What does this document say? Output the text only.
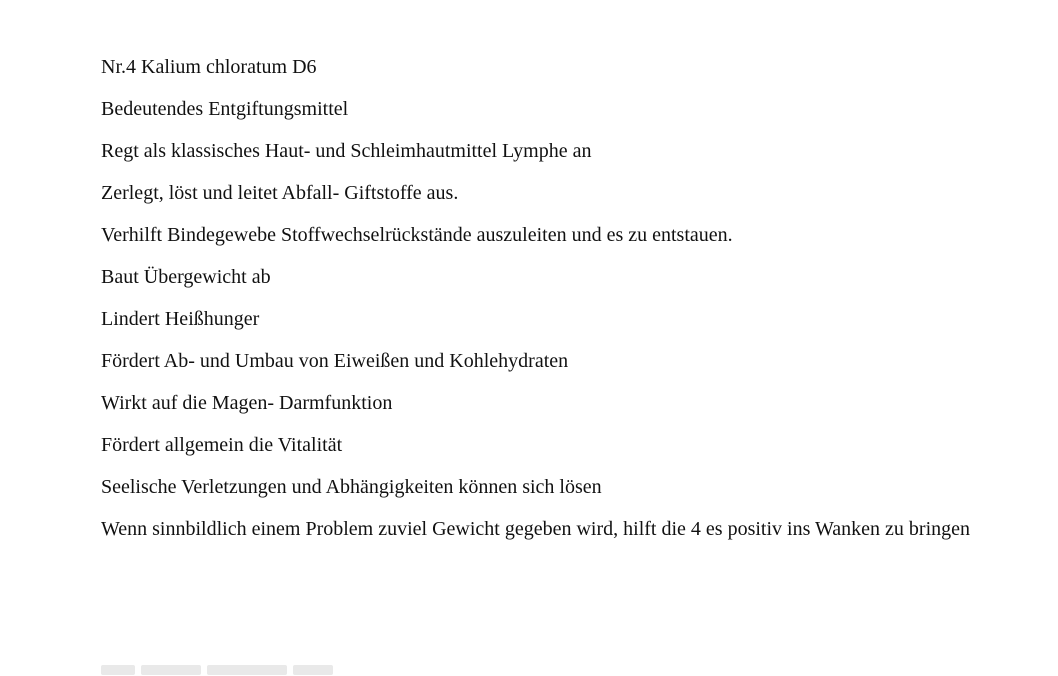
Nr.4 Kalium chloratum D6

Bedeutendes Entgiftungsmittel

Regt als klassisches Haut- und Schleimhautmittel Lymphe an

Zerlegt, löst und leitet Abfall- Giftstoffe aus.

Verhilft Bindegewebe Stoffwechselrückstände auszuleiten und es zu entstauen.

Baut Übergewicht ab

Lindert Heißhunger

Fördert Ab- und Umbau von Eiweißen und Kohlehydraten

Wirkt auf die Magen- Darmfunktion

Fördert allgemein die Vitalität

Seelische Verletzungen und Abhängigkeiten können sich lösen

Wenn sinnbildlich einem Problem zuviel Gewicht gegeben wird, hilft die 4 es positiv ins Wanken zu bringen
